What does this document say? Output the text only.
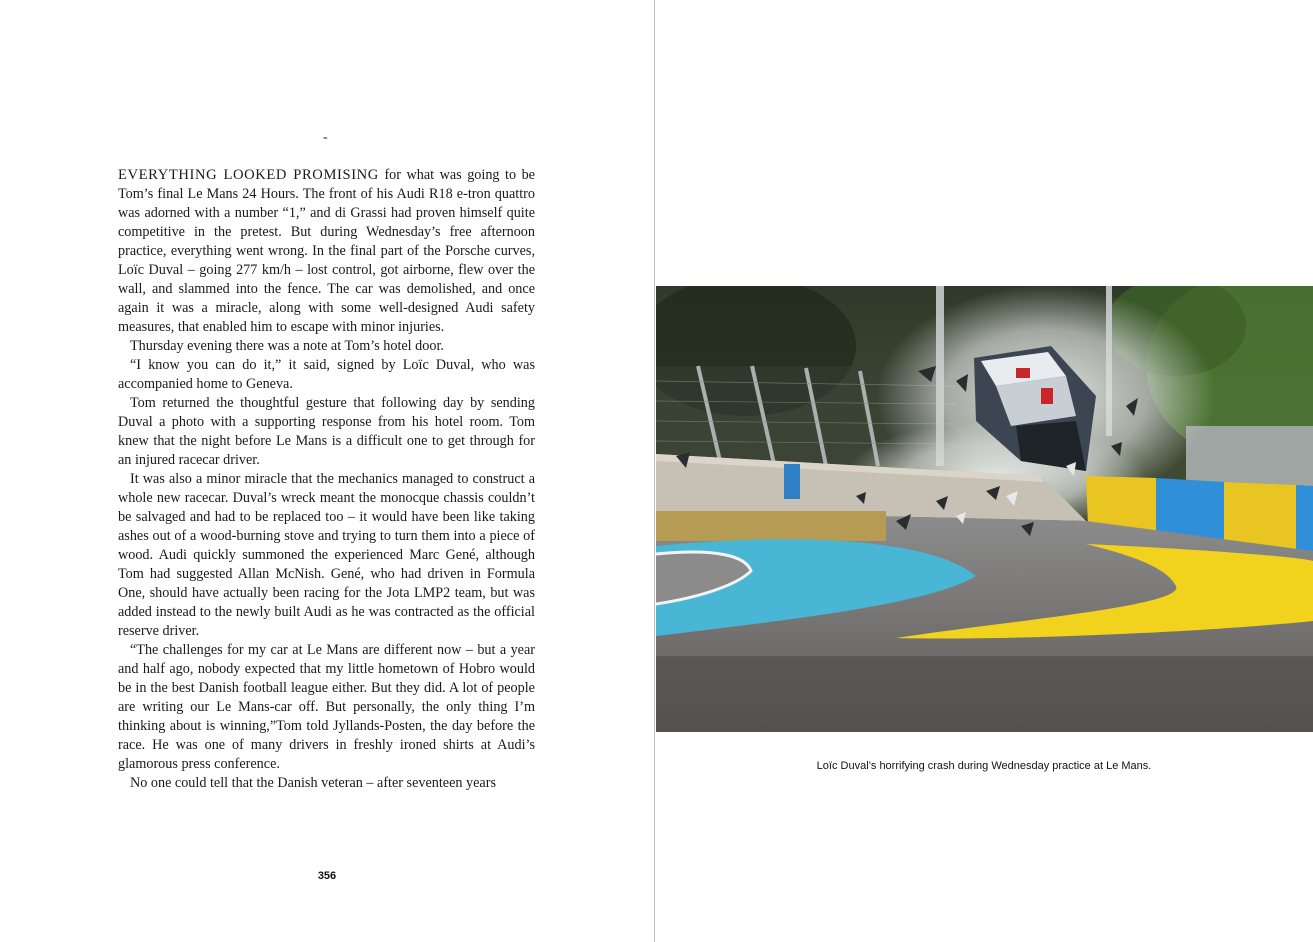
-

EVERYTHING LOOKED PROMISING for what was going to be Tom’s final Le Mans 24 Hours. The front of his Audi R18 e-tron quattro was adorned with a number “1,” and di Grassi had proven himself quite competitive in the pretest. But during Wednesday’s free afternoon practice, everything went wrong. In the final part of the Porsche curves, Loïc Duval – going 277 km/h – lost control, got airborne, flew over the wall, and slammed into the fence. The car was demolished, and once again it was a miracle, along with some well-designed Audi safety measures, that enabled him to escape with minor injuries.

Thursday evening there was a note at Tom’s hotel door.

“I know you can do it,” it said, signed by Loïc Duval, who was accompanied home to Geneva.

Tom returned the thoughtful gesture that following day by sending Duval a photo with a supporting response from his hotel room. Tom knew that the night before Le Mans is a difficult one to get through for an injured racecar driver.

It was also a minor miracle that the mechanics managed to construct a whole new racecar. Duval’s wreck meant the monocque chassis couldn’t be salvaged and had to be replaced too – it would have been like taking ashes out of a wood-burning stove and trying to turn them into a piece of wood. Audi quickly summoned the experienced Marc Gené, although Tom had suggested Allan McNish. Gené, who had driven in Formula One, should have actually been racing for the Jota LMP2 team, but was added instead to the newly built Audi as he was contracted as the official reserve driver.

“The challenges for my car at Le Mans are different now – but a year and half ago, nobody expected that my little hometown of Hobro would be in the best Danish football league either. But they did. A lot of people are writing our Le Mans-car off. But personally, the only thing I’m thinking about is winning,”Tom told Jyllands-Posten, the day before the race. He was one of many drivers in freshly ironed shirts at Audi’s glamorous press conference.

No one could tell that the Danish veteran – after seventeen years

356
Loïc Duval’s horrifying crash during Wednesday practice at Le Mans.
